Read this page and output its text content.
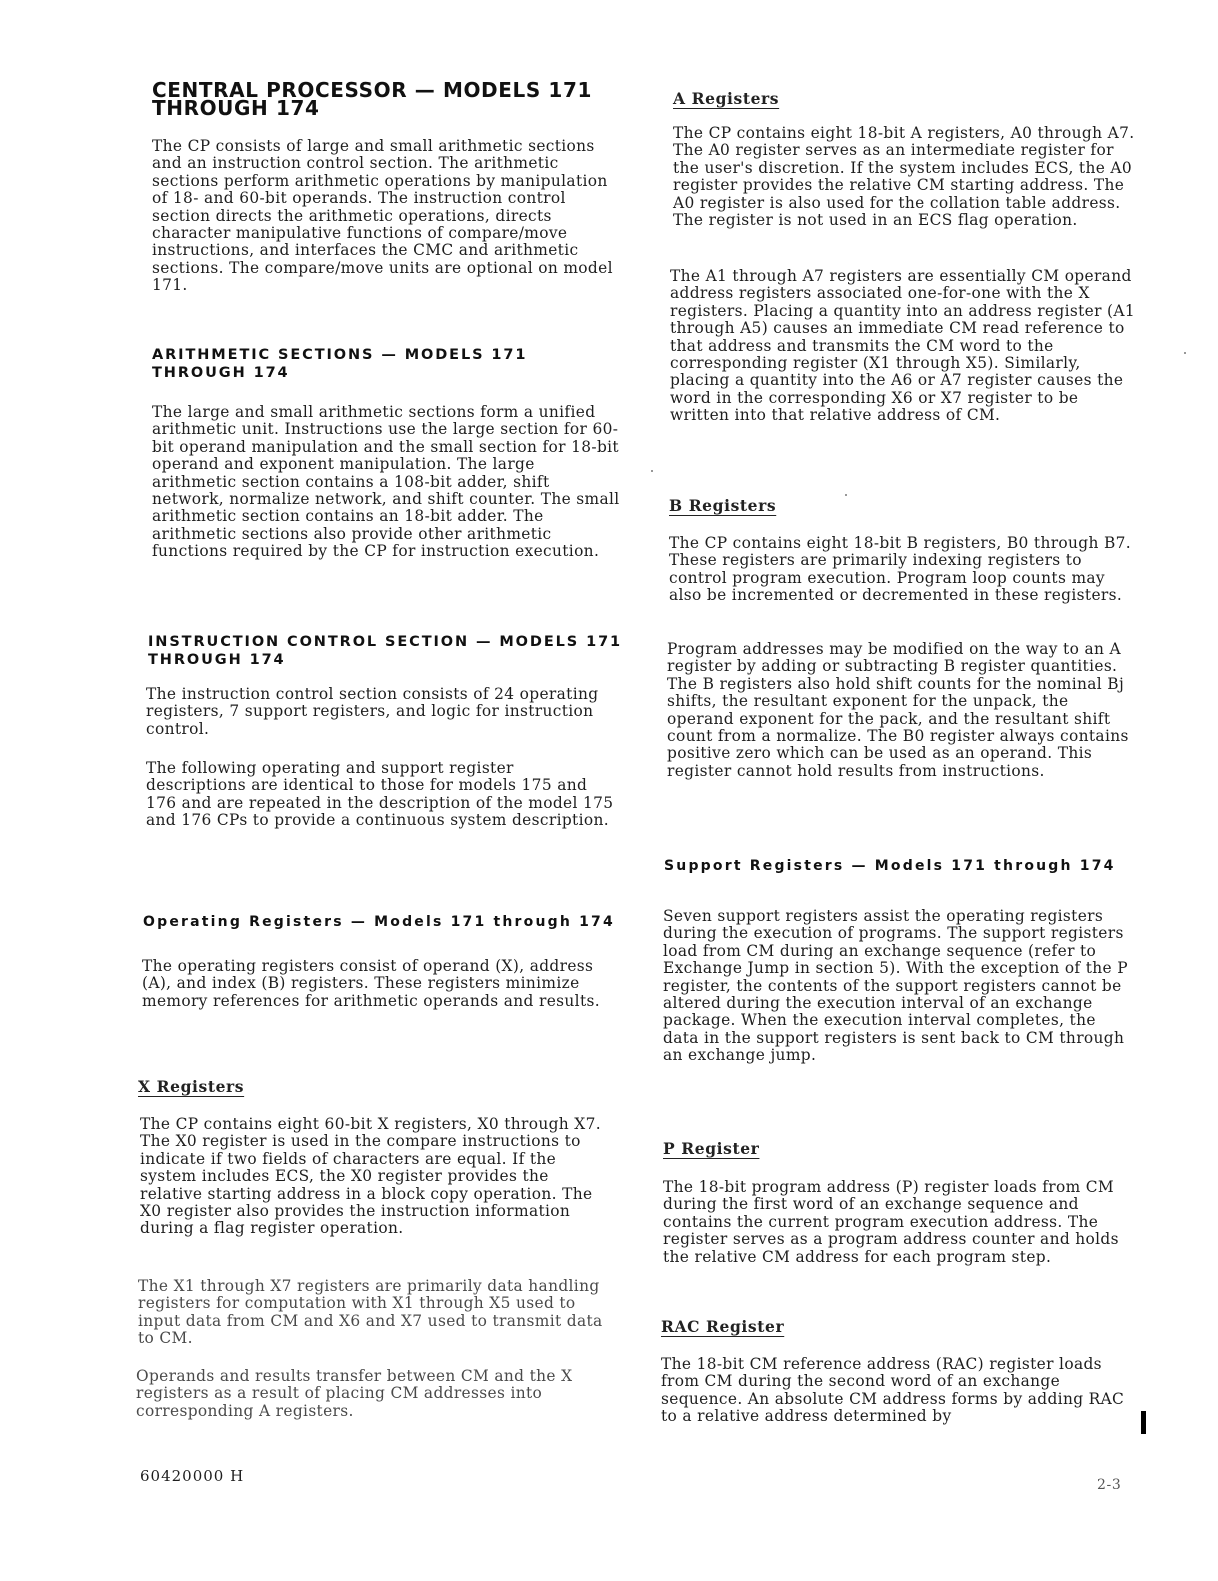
CENTRAL PROCESSOR — MODELS 171
THROUGH 174

The CP consists of large and small arithmetic sections and an instruction control section. The arithmetic sections perform arithmetic operations by manipulation of 18- and 60-bit operands. The instruction control section directs the arithmetic operations, directs character manipulative functions of compare/move instructions, and interfaces the CMC and arithmetic sections. The compare/move units are optional on model 171.

ARITHMETIC SECTIONS — MODELS 171 THROUGH 174

The large and small arithmetic sections form a unified arithmetic unit. Instructions use the large section for 60-bit operand manipulation and the small section for 18-bit operand and exponent manipulation. The large arithmetic section contains a 108-bit adder, shift network, normalize network, and shift counter. The small arithmetic section contains an 18-bit adder. The arithmetic sections also provide other arithmetic functions required by the CP for instruction execution.

INSTRUCTION CONTROL SECTION — MODELS 171 THROUGH 174

The instruction control section consists of 24 operating registers, 7 support registers, and logic for instruction control.

The following operating and support register descriptions are identical to those for models 175 and 176 and are repeated in the description of the model 175 and 176 CPs to provide a continuous system description.

Operating Registers — Models 171 through 174

The operating registers consist of operand (X), address (A), and index (B) registers. These registers minimize memory references for arithmetic operands and results.

X Registers

The CP contains eight 60-bit X registers, X0 through X7. The X0 register is used in the compare instructions to indicate if two fields of characters are equal. If the system includes ECS, the X0 register provides the relative starting address in a block copy operation. The X0 register also provides the instruction information during a flag register operation.

The X1 through X7 registers are primarily data handling registers for computation with X1 through X5 used to input data from CM and X6 and X7 used to transmit data to CM.

Operands and results transfer between CM and the X registers as a result of placing CM addresses into corresponding A registers.

A Registers

The CP contains eight 18-bit A registers, A0 through A7. The A0 register serves as an intermediate register for the user's discretion. If the system includes ECS, the A0 register provides the relative CM starting address. The A0 register is also used for the collation table address. The register is not used in an ECS flag operation.

The A1 through A7 registers are essentially CM operand address registers associated one-for-one with the X registers. Placing a quantity into an address register (A1 through A5) causes an immediate CM read reference to that address and transmits the CM word to the corresponding register (X1 through X5). Similarly, placing a quantity into the A6 or A7 register causes the word in the corresponding X6 or X7 register to be written into that relative address of CM.

B Registers

The CP contains eight 18-bit B registers, B0 through B7. These registers are primarily indexing registers to control program execution. Program loop counts may also be incremented or decremented in these registers.

Program addresses may be modified on the way to an A register by adding or subtracting B register quantities. The B registers also hold shift counts for the nominal Bj shifts, the resultant exponent for the unpack, the operand exponent for the pack, and the resultant shift count from a normalize. The B0 register always contains positive zero which can be used as an operand. This register cannot hold results from instructions.

Support Registers — Models 171 through 174

Seven support registers assist the operating registers during the execution of programs. The support registers load from CM during an exchange sequence (refer to Exchange Jump in section 5). With the exception of the P register, the contents of the support registers cannot be altered during the execution interval of an exchange package. When the execution interval completes, the data in the support registers is sent back to CM through an exchange jump.

P Register

The 18-bit program address (P) register loads from CM during the first word of an exchange sequence and contains the current program execution address. The register serves as a program address counter and holds the relative CM address for each program step.

RAC Register

The 18-bit CM reference address (RAC) register loads from CM during the second word of an exchange sequence. An absolute CM address forms by adding RAC to a relative address determined by

60420000 H	2-3
